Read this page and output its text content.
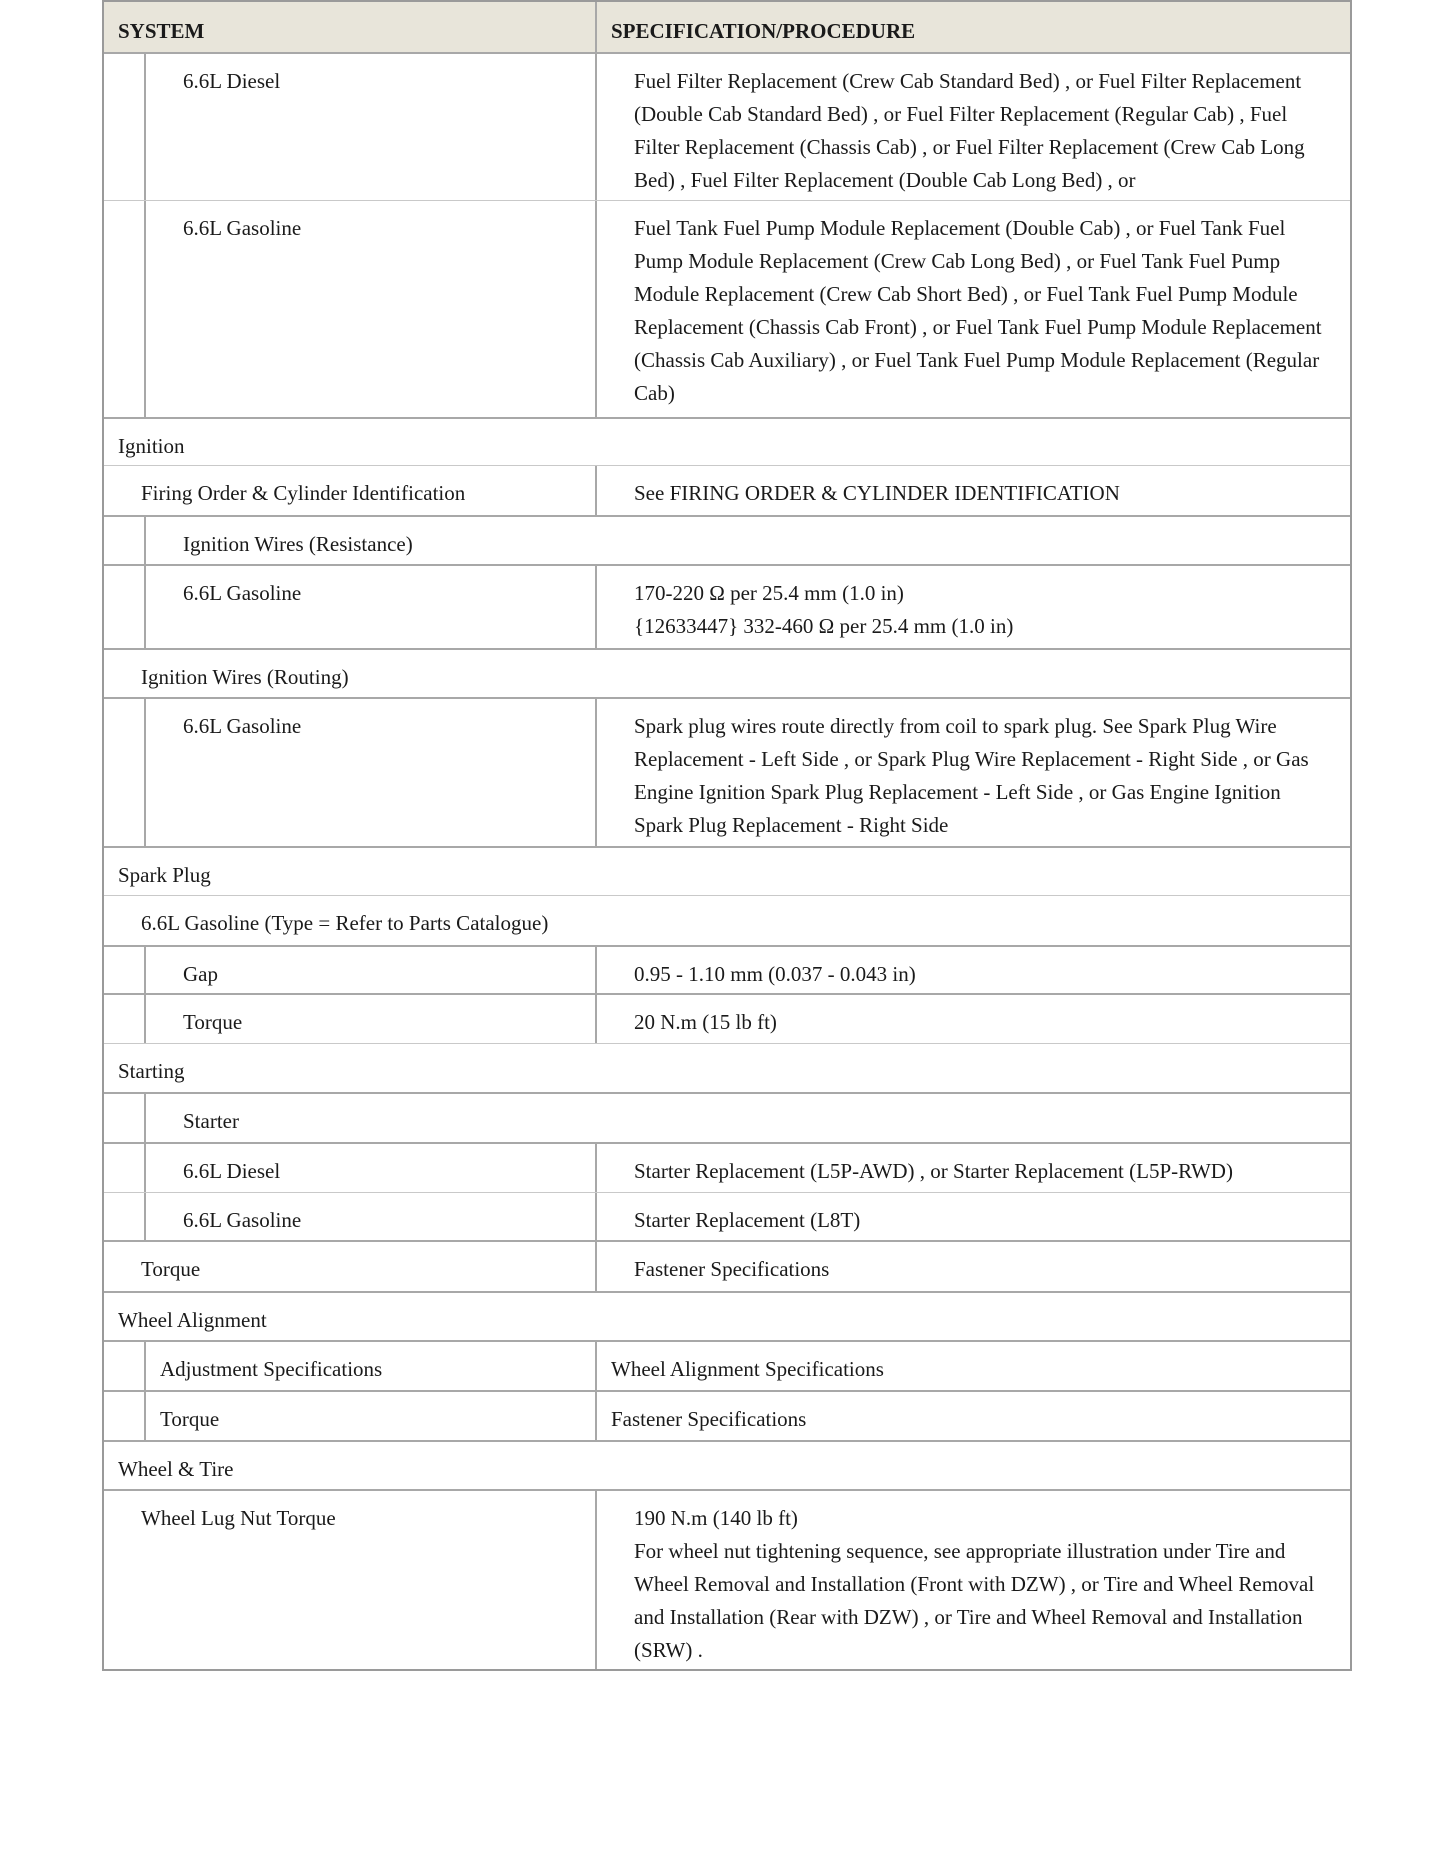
SYSTEM	SPECIFICATION/PROCEDURE
6.6L Diesel	Fuel Filter Replacement (Crew Cab Standard Bed) , or Fuel Filter Replacement
(Double Cab Standard Bed) , or Fuel Filter Replacement (Regular Cab) , Fuel
Filter Replacement (Chassis Cab) , or Fuel Filter Replacement (Crew Cab Long
Bed) , Fuel Filter Replacement (Double Cab Long Bed) , or
6.6L Gasoline	Fuel Tank Fuel Pump Module Replacement (Double Cab) , or Fuel Tank Fuel
Pump Module Replacement (Crew Cab Long Bed) , or Fuel Tank Fuel Pump
Module Replacement (Crew Cab Short Bed) , or Fuel Tank Fuel Pump Module
Replacement (Chassis Cab Front) , or Fuel Tank Fuel Pump Module Replacement
(Chassis Cab Auxiliary) , or Fuel Tank Fuel Pump Module Replacement (Regular
Cab)
Ignition
Firing Order & Cylinder Identification	See FIRING ORDER & CYLINDER IDENTIFICATION
Ignition Wires (Resistance)
6.6L Gasoline	170-220 Ω per 25.4 mm (1.0 in)
{12633447} 332-460 Ω per 25.4 mm (1.0 in)
Ignition Wires (Routing)
6.6L Gasoline	Spark plug wires route directly from coil to spark plug. See Spark Plug Wire
Replacement - Left Side , or Spark Plug Wire Replacement - Right Side , or Gas
Engine Ignition Spark Plug Replacement - Left Side , or Gas Engine Ignition
Spark Plug Replacement - Right Side
Spark Plug
6.6L Gasoline (Type = Refer to Parts Catalogue)
Gap	0.95 - 1.10 mm (0.037 - 0.043 in)
Torque	20 N.m (15 lb ft)
Starting
Starter
6.6L Diesel	Starter Replacement (L5P-AWD) , or Starter Replacement (L5P-RWD)
6.6L Gasoline	Starter Replacement (L8T)
Torque	Fastener Specifications
Wheel Alignment
Adjustment Specifications	Wheel Alignment Specifications
Torque	Fastener Specifications
Wheel & Tire
Wheel Lug Nut Torque	190 N.m (140 lb ft)
For wheel nut tightening sequence, see appropriate illustration under Tire and
Wheel Removal and Installation (Front with DZW) , or Tire and Wheel Removal
and Installation (Rear with DZW) , or Tire and Wheel Removal and Installation
(SRW) .
